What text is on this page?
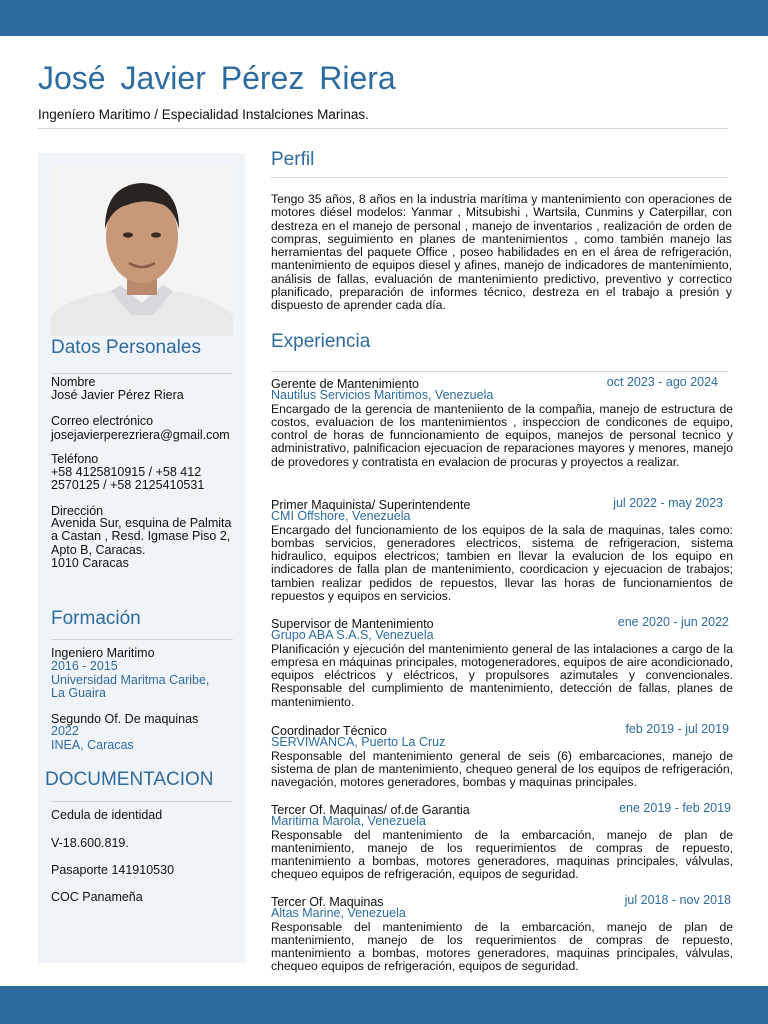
José Javier Pérez Riera
Ingeníero Maritimo / Especialidad Instalciones Marinas.
Datos Personales
Nombre
José Javier Pérez Riera
Correo electrónico
josejavierperezriera@gmail.com
Teléfono
+58 4125810915 / +58 412 2570125 / +58 2125410531
Dirección
Avenida Sur, esquina de Palmita a Castan , Resd. Igmase Piso 2, Apto B, Caracas.
1010 Caracas
Formación
Ingeniero Maritimo
2016 - 2015
Universidad Maritma Caribe, La Guaira
Segundo Of. De maquinas
2022
INEA, Caracas
DOCUMENTACION
Cedula de identidad
V-18.600.819.
Pasaporte 141910530
COC Panameña
Perfil
Tengo 35 años, 8 años en la industria marítima y mantenimiento con operaciones de motores diésel modelos: Yanmar , Mitsubishi , Wartsila, Cunmins y Caterpillar, con destreza en el manejo de personal , manejo de inventarios , realización de orden de compras, seguimiento en planes de mantenimientos , como también manejo las herramientas del paquete Office , poseo habilidades en en el área de refrigeración, mantenimiento de equipos diesel y afines, manejo de indicadores de mantenimiento, análisis de fallas, evaluación de mantenimiento predictivo, preventivo y correctico planificado, preparación de informes técnico, destreza en el trabajo a presión y dispuesto de aprender cada día.
Experiencia
Gerente de Mantenimiento	oct 2023 - ago 2024
Nautilus Servicios Maritimos, Venezuela
Encargado de la gerencia de manteniiento de la compañia, manejo de estructura de costos, evaluacion de los mantenimientos , inspeccion de condicones de equipo, control de horas de funncionamiento de equipos, manejos de personal tecnico y administrativo, palnificacion ejecuacion de reparaciones mayores y menores, manejo de provedores y contratista en evalacion de procuras y proyectos a realizar.
Primer Maquinista/ Superintendente	jul 2022 - may 2023
CMI Offshore, Venezuela
Encargado del funcionamiento de los equipos de la sala de maquinas, tales como: bombas servicios, generadores electricos, sistema de refrigeracion, sistema hidraulico, equipos electricos; tambien en llevar la evalucion de los equipo en indicadores de falla plan de mantenimiento, coordicacion y ejecuacion de trabajos; tambien realizar pedidos de repuestos, llevar las horas de funcionamientos de repuestos y equipos en servicios.
Supervisor de Mantenimiento	ene 2020 - jun 2022
Grupo ABA S.A.S, Venezuela
Planificación y ejecución del mantenimiento general de las intalaciones a cargo de la empresa en máquinas principales, motogeneradores, equipos de aire acondicionado, equipos eléctricos y eléctricos, y propulsores azimutales y convencionales. Responsable del cumplimiento de mantenimiento, detección de fallas, planes de mantenimiento.
Coordinador Técnico	feb 2019 - jul 2019
SERVIWANCA, Puerto La Cruz
Responsable del mantenimiento general de seis (6) embarcaciones, manejo de sistema de plan de mantenimiento, chequeo general de los equipos de refrigeración, navegación, motores generadores, bombas y maquinas principales.
Tercer Of. Maquinas/ of.de Garantia	ene 2019 - feb 2019
Maritima Marola, Venezuela
Responsable del mantenimiento de la embarcación, manejo de plan de mantenimiento, manejo de los requerimientos de compras de repuesto, mantenimiento a bombas, motores generadores, maquinas principales, válvulas, chequeo equipos de refrigeración, equipos de seguridad.
Tercer Of. Maquinas	jul 2018 - nov 2018
Altas Marine, Venezuela
Responsable del mantenimiento de la embarcación, manejo de plan de mantenimiento, manejo de los requerimientos de compras de repuesto, mantenimiento a bombas, motores generadores, maquinas principales, válvulas, chequeo equipos de refrigeración, equipos de seguridad.
